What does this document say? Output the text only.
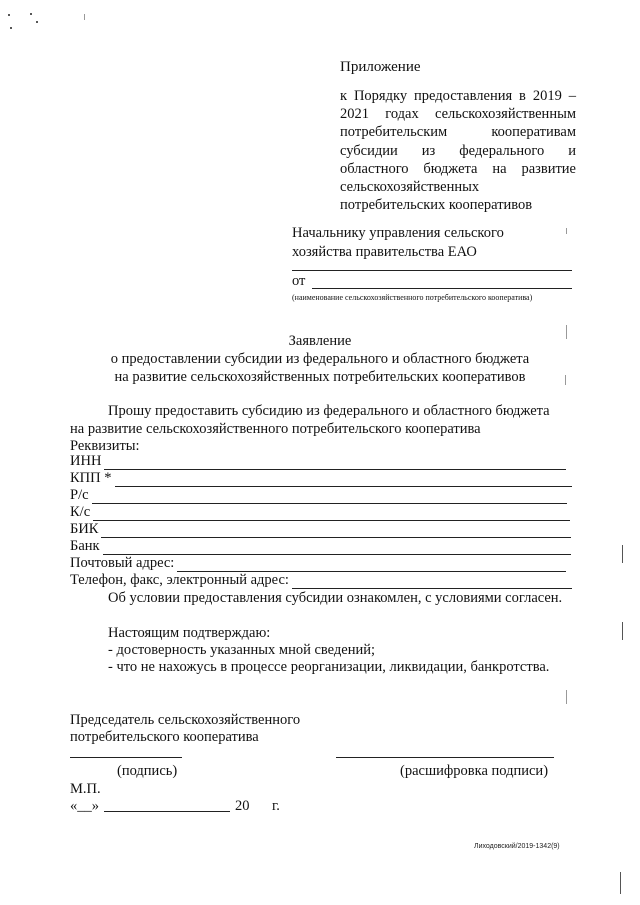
Приложение
к Порядку предоставления в 2019 – 2021 годах сельскохозяйственным потребительским кооперативам субсидии из федерального и областного бюджета на развитие сельскохозяйственных потребительских кооперативов
Начальнику управления сельского
хозяйства правительства ЕАО
от
(наименование сельскохозяйственного потребительского кооператива)
Заявление
о предоставлении субсидии из федерального и областного бюджета
на развитие сельскохозяйственных потребительских кооперативов
Прошу предоставить субсидию из федерального и областного бюджета
на развитие сельскохозяйственного потребительского кооператива
Реквизиты:
ИНН
КПП *
Р/с
К/с
БИК
Банк
Почтовый адрес:
Телефон, факс, электронный адрес:
Об условии предоставления субсидии ознакомлен, с условиями согласен.
Настоящим подтверждаю:
- достоверность указанных мной сведений;
- что не нахожусь в процессе реорганизации, ликвидации, банкротства.
Председатель сельскохозяйственного
потребительского кооператива
(подпись)	(расшифровка подписи)
М.П.
«__»	20 г.
Лиходовский/2019-1342(9)
